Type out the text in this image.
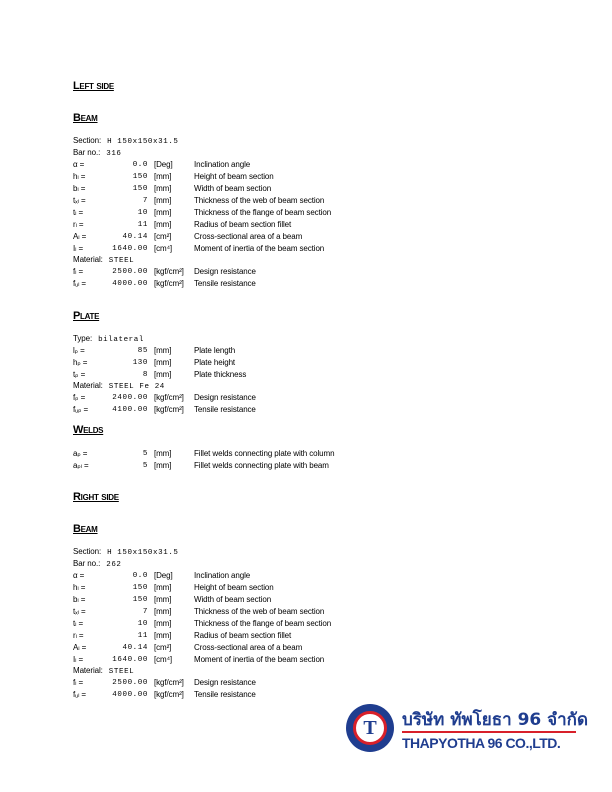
Left side
Beam
Section: H 150x150x31.5
Bar no.: 316
α =	0.0 [Deg]	Inclination angle
hₗ =	150 [mm]	Height of beam section
bₗ =	150 [mm]	Width of beam section
tₓₗ =	7 [mm]	Thickness of the web of beam section
tₗ =	10 [mm]	Thickness of the flange of beam section
rₗ =	11 [mm]	Radius of beam section fillet
Aₗ =	40.14 [cm²]	Cross-sectional area of a beam
Iₗ =	1640.00 [cm⁴]	Moment of inertia of the beam section
Material: STEEL
fₗ =	2500.00 [kgf/cm²] Design resistance
fᵤₗ =	4000.00 [kgf/cm²] Tensile resistance
Plate
Type: bilateral
lₚ =	85 [mm]	Plate length
hₚ =	130 [mm]	Plate height
tₚ =	8 [mm]	Plate thickness
Material: STEEL Fe 24
fₚ =	2400.00 [kgf/cm²] Design resistance
fᵤₚ =	4100.00 [kgf/cm²] Tensile resistance
Welds
aₚ =	5 [mm]	Fillet welds connecting plate with column
aₚₗ =	5 [mm]	Fillet welds connecting plate with beam
Right side
Beam
Section: H 150x150x31.5
Bar no.: 262
α =	0.0 [Deg]	Inclination angle
hₗ =	150 [mm]	Height of beam section
bₗ =	150 [mm]	Width of beam section
tₓₗ =	7 [mm]	Thickness of the web of beam section
tₗ =	10 [mm]	Thickness of the flange of beam section
rₗ =	11 [mm]	Radius of beam section fillet
Aₗ =	40.14 [cm²]	Cross-sectional area of a beam
Iₗ =	1640.00 [cm⁴]	Moment of inertia of the beam section
Material: STEEL
fₗ =	2500.00 [kgf/cm²] Design resistance
fᵤₗ =	4000.00 [kgf/cm²] Tensile resistance
T	บริษัท ทัพโยธา 96 จำกัด
THAPYOTHA 96 CO.,LTD.
